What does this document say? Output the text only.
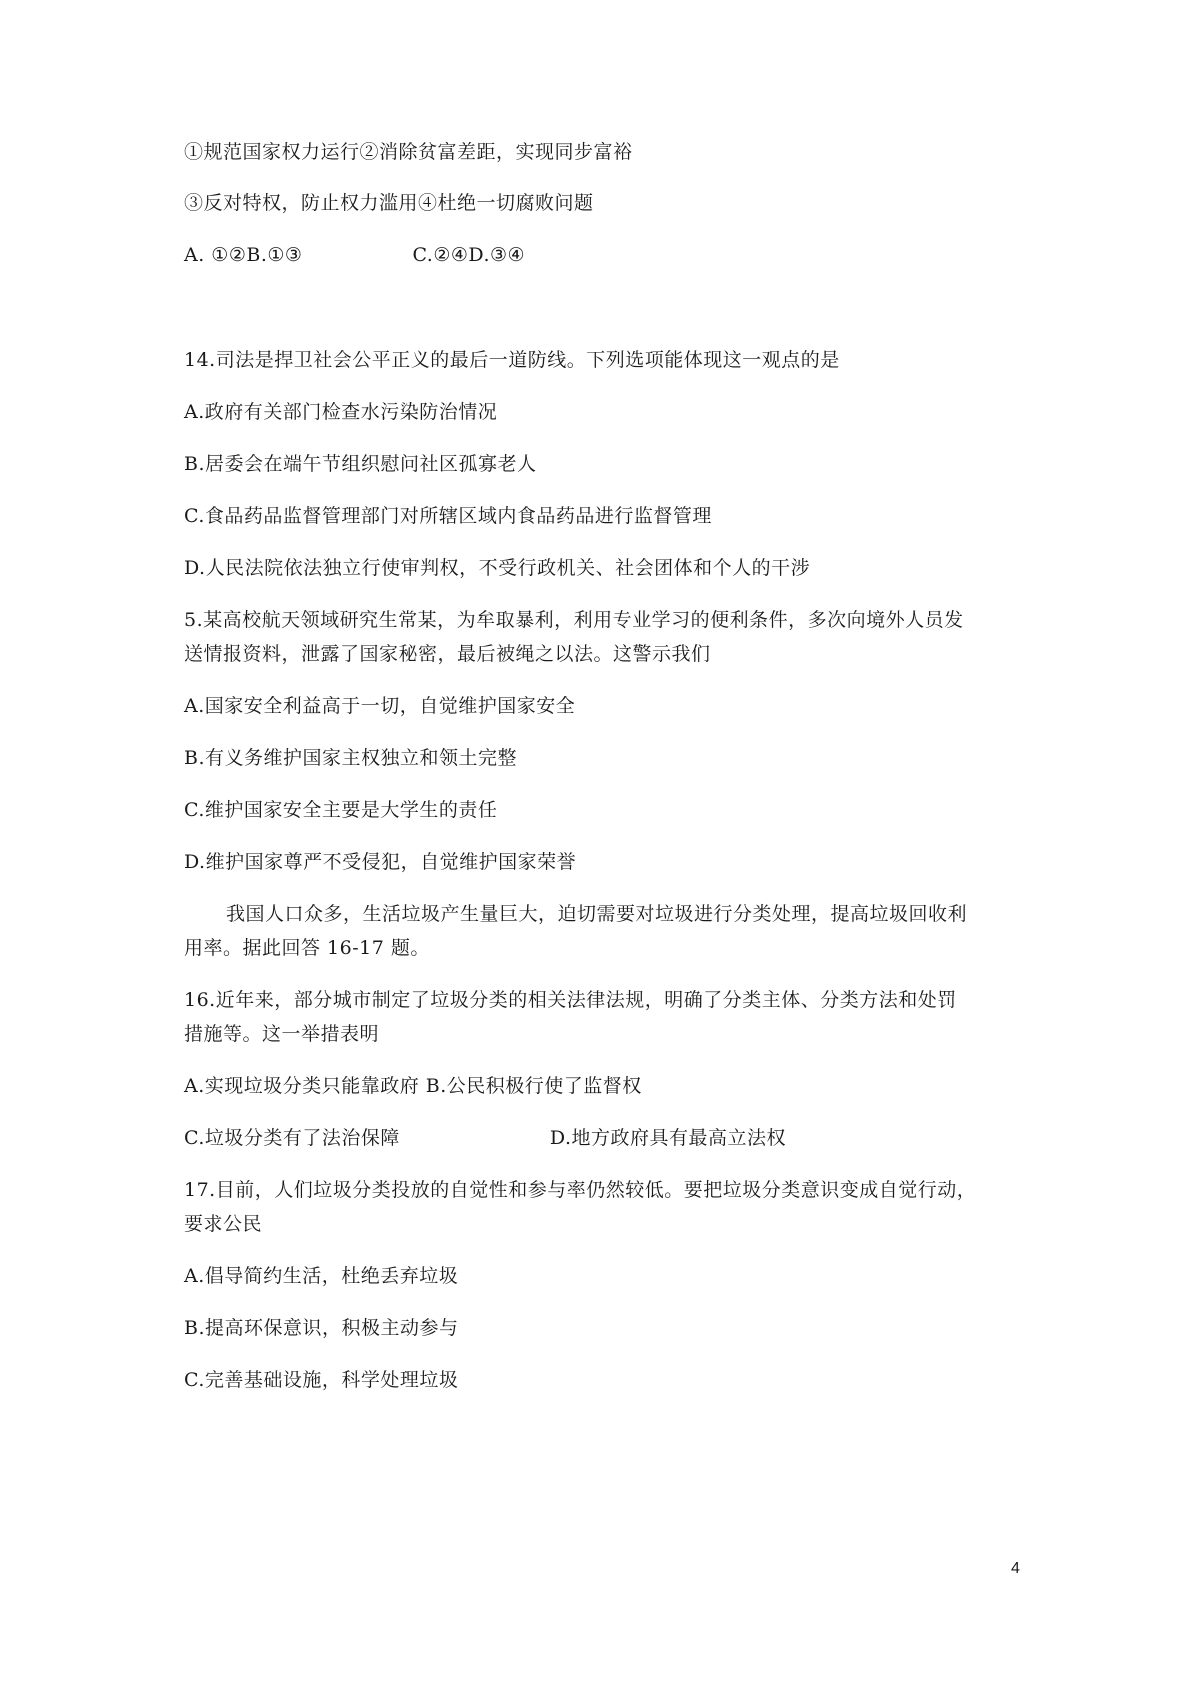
①规范国家权力运行②消除贫富差距，实现同步富裕
③反对特权，防止权力滥用④杜绝一切腐败问题
A. ①②B.①③	C.②④D.③④
14.司法是捍卫社会公平正义的最后一道防线。下列选项能体现这一观点的是
A.政府有关部门检查水污染防治情况
B.居委会在端午节组织慰问社区孤寡老人
C.食品药品监督管理部门对所辖区域内食品药品进行监督管理
D.人民法院依法独立行使审判权，不受行政机关、社会团体和个人的干涉
5.某高校航天领域研究生常某，为牟取暴利，利用专业学习的便利条件，多次向境外人员发
送情报资料，泄露了国家秘密，最后被绳之以法。这警示我们
A.国家安全利益高于一切，自觉维护国家安全
B.有义务维护国家主权独立和领土完整
C.维护国家安全主要是大学生的责任
D.维护国家尊严不受侵犯，自觉维护国家荣誉
我国人口众多，生活垃圾产生量巨大，迫切需要对垃圾进行分类处理，提高垃圾回收利
用率。据此回答 16-17 题。
16.近年来，部分城市制定了垃圾分类的相关法律法规，明确了分类主体、分类方法和处罚
措施等。这一举措表明
A.实现垃圾分类只能靠政府 B.公民积极行使了监督权
C.垃圾分类有了法治保障	D.地方政府具有最高立法权
17.目前，人们垃圾分类投放的自觉性和参与率仍然较低。要把垃圾分类意识变成自觉行动，
要求公民
A.倡导简约生活，杜绝丢弃垃圾
B.提高环保意识，积极主动参与
C.完善基础设施，科学处理垃圾
4
